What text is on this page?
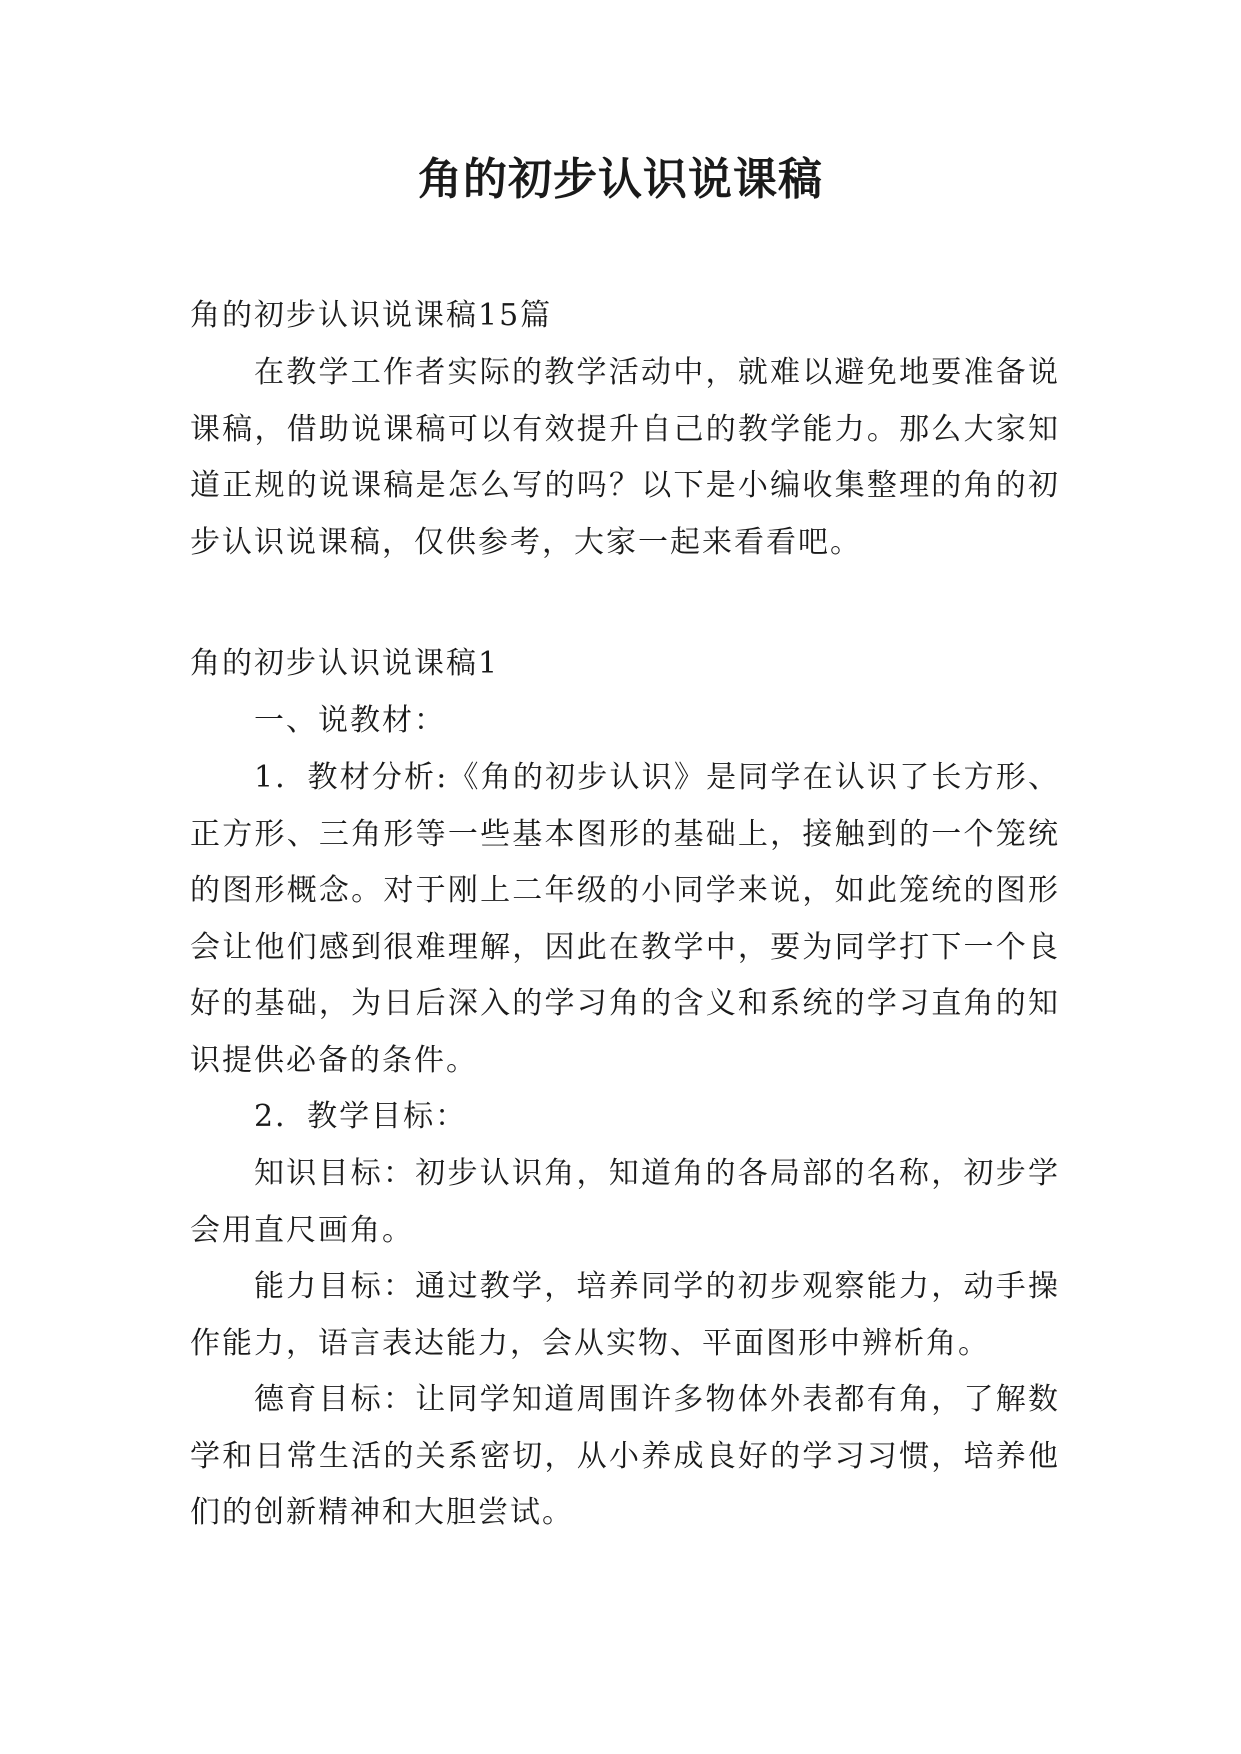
角的初步认识说课稿

角的初步认识说课稿15篇

在教学工作者实际的教学活动中，就难以避免地要准备说课稿，借助说课稿可以有效提升自己的教学能力。那么大家知道正规的说课稿是怎么写的吗？以下是小编收集整理的角的初步认识说课稿，仅供参考，大家一起来看看吧。

角的初步认识说课稿1

一、说教材：

1．教材分析:《角的初步认识》是同学在认识了长方形、正方形、三角形等一些基本图形的基础上，接触到的一个笼统的图形概念。对于刚上二年级的小同学来说，如此笼统的图形会让他们感到很难理解，因此在教学中，要为同学打下一个良好的基础，为日后深入的学习角的含义和系统的学习直角的知识提供必备的条件。

2．教学目标：

知识目标：初步认识角，知道角的各局部的名称，初步学会用直尺画角。

能力目标：通过教学，培养同学的初步观察能力，动手操作能力，语言表达能力，会从实物、平面图形中辨析角。

德育目标：让同学知道周围许多物体外表都有角，了解数学和日常生活的关系密切，从小养成良好的学习习惯，培养他们的创新精神和大胆尝试。
